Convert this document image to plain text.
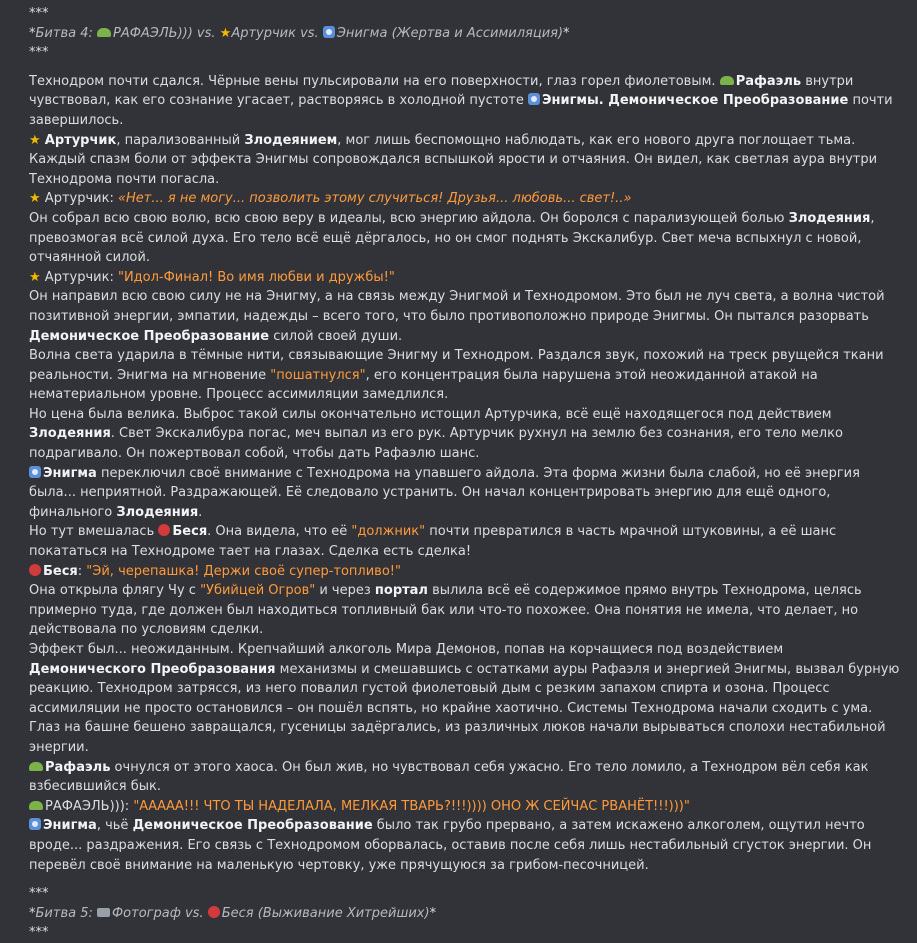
***

*Битва 4: РАФАЭЛЬ))) vs. ★Артурчик vs. Энигма (Жертва и Ассимиляция)*

***

Технодром почти сдался. Чёрные вены пульсировали на его поверхности, глаз горел фиолетовым. Рафаэль внутри чувствовал, как его сознание угасает, растворяясь в холодной пустоте Энигмы. Демоническое Преобразование почти завершилось.

★ Артурчик, парализованный Злодеянием, мог лишь беспомощно наблюдать, как его нового друга поглощает тьма. Каждый спазм боли от эффекта Энигмы сопровождался вспышкой ярости и отчаяния. Он видел, как светлая аура внутри Технодрома почти погасла.

★ Артурчик: «Нет... я не могу... позволить этому случиться! Друзья... любовь... свет!..»

Он собрал всю свою волю, всю свою веру в идеалы, всю энергию айдола. Он боролся с парализующей болью Злодеяния, превозмогая всё силой духа. Его тело всё ещё дёргалось, но он смог поднять Экскалибур. Свет меча вспыхнул с новой, отчаянной силой.

★ Артурчик: "Идол-Финал! Во имя любви и дружбы!"

Он направил всю свою силу не на Энигму, а на связь между Энигмой и Технодромом. Это был не луч света, а волна чистой позитивной энергии, эмпатии, надежды – всего того, что было противоположно природе Энигмы. Он пытался разорвать Демоническое Преобразование силой своей души.

Волна света ударила в тёмные нити, связывающие Энигму и Технодром. Раздался звук, похожий на треск рвущейся ткани реальности. Энигма на мгновение "пошатнулся", его концентрация была нарушена этой неожиданной атакой на нематериальном уровне. Процесс ассимиляции замедлился.

Но цена была велика. Выброс такой силы окончательно истощил Артурчика, всё ещё находящегося под действием Злодеяния. Свет Экскалибура погас, меч выпал из его рук. Артурчик рухнул на землю без сознания, его тело мелко подрагивало. Он пожертвовал собой, чтобы дать Рафаэлю шанс.

Энигма переключил своё внимание с Технодрома на упавшего айдола. Эта форма жизни была слабой, но её энергия была... неприятной. Раздражающей. Её следовало устранить. Он начал концентрировать энергию для ещё одного, финального Злодеяния.

Но тут вмешалась Беся. Она видела, что её "должник" почти превратился в часть мрачной штуковины, а её шанс покататься на Технодроме тает на глазах. Сделка есть сделка!

Беся: "Эй, черепашка! Держи своё супер-топливо!"

Она открыла флягу Чу с "Убийцей Огров" и через портал вылила всё её содержимое прямо внутрь Технодрома, целясь примерно туда, где должен был находиться топливный бак или что-то похожее. Она понятия не имела, что делает, но действовала по условиям сделки.

Эффект был... неожиданным. Крепчайший алкоголь Мира Демонов, попав на корчащиеся под воздействием Демонического Преобразования механизмы и смешавшись с остатками ауры Рафаэля и энергией Энигмы, вызвал бурную реакцию. Технодром затрясся, из него повалил густой фиолетовый дым с резким запахом спирта и озона. Процесс ассимиляции не просто остановился – он пошёл вспять, но крайне хаотично. Системы Технодрома начали сходить с ума. Глаз на башне бешено завращался, гусеницы задёргались, из различных люков начали вырываться сполохи нестабильной энергии.

Рафаэль очнулся от этого хаоса. Он был жив, но чувствовал себя ужасно. Его тело ломило, а Технодром вёл себя как взбесившийся бык.

РАФАЭЛЬ))): "ААААА!!! ЧТО ТЫ НАДЕЛАЛА, МЕЛКАЯ ТВАРЬ?!!!)))) ОНО Ж СЕЙЧАС РВАНЁТ!!!)))"

Энигма, чьё Демоническое Преобразование было так грубо прервано, а затем искажено алкоголем, ощутил нечто вроде... раздражения. Его связь с Технодромом оборвалась, оставив после себя лишь нестабильный сгусток энергии. Он перевёл своё внимание на маленькую чертовку, уже прячущуюся за грибом-песочницей.

***

*Битва 5: Фотограф vs. Беся (Выживание Хитрейших)*

***
